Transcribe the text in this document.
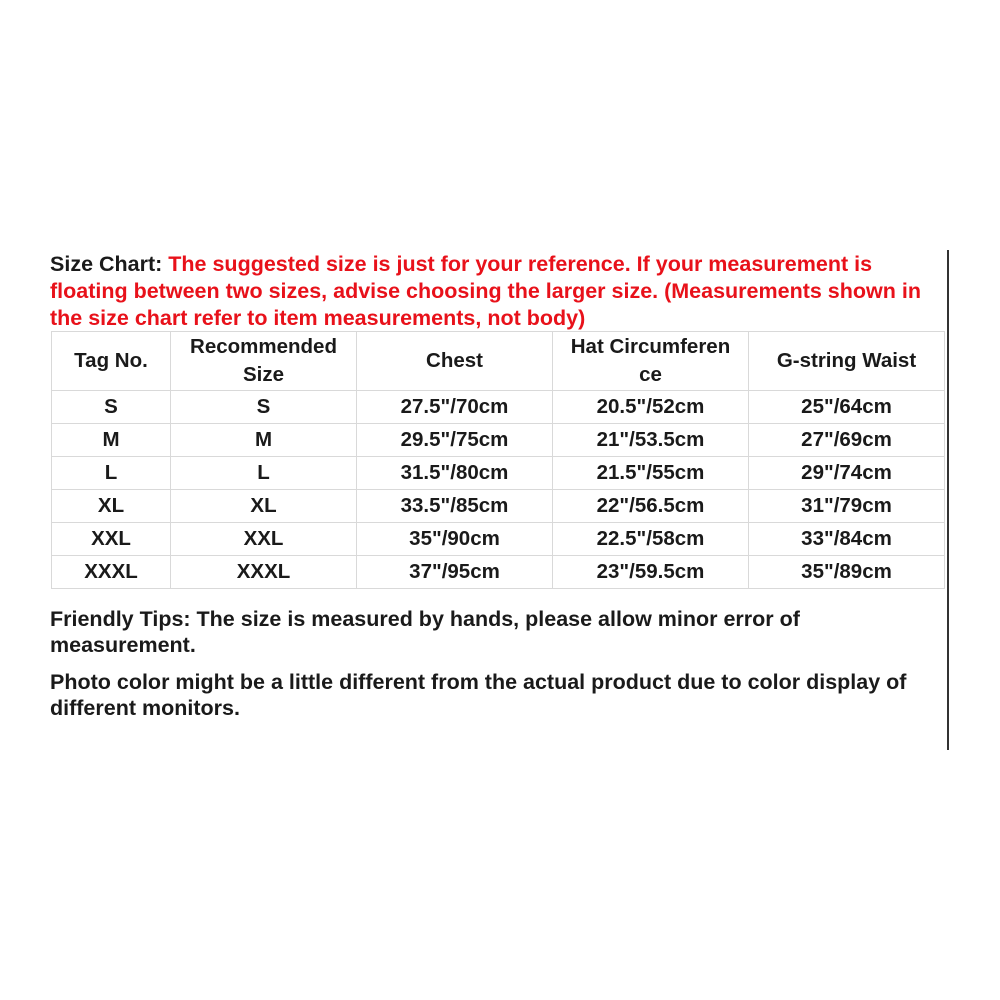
Size Chart: The suggested size is just for your reference. If your measurement is floating between two sizes, advise choosing the larger size. (Measurements shown in the size chart refer to item measurements, not body)

Tag No.	Recommended Size	Chest	Hat Circumferen ce	G-string Waist
S	S	27.5"/70cm	20.5"/52cm	25"/64cm
M	M	29.5"/75cm	21"/53.5cm	27"/69cm
L	L	31.5"/80cm	21.5"/55cm	29"/74cm
XL	XL	33.5"/85cm	22"/56.5cm	31"/79cm
XXL	XXL	35"/90cm	22.5"/58cm	33"/84cm
XXXL	XXXL	37"/95cm	23"/59.5cm	35"/89cm

Friendly Tips: The size is measured by hands, please allow minor error of measurement.

Photo color might be a little different from the actual product due to color display of different monitors.
